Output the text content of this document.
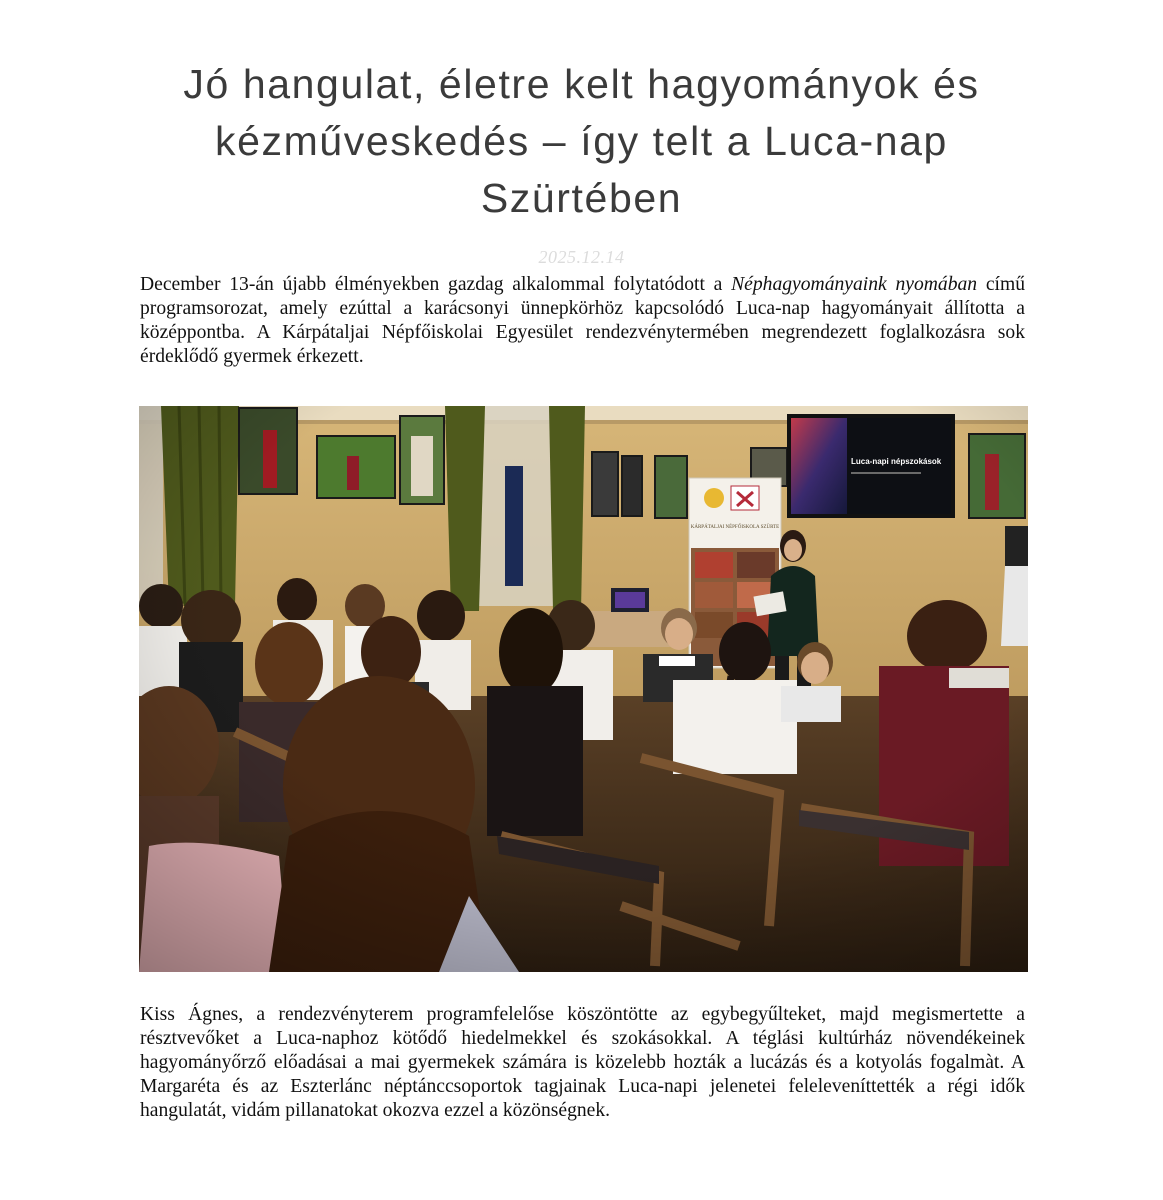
Jó hangulat, életre kelt hagyományok és kézműveskedés – így telt a Luca-nap Szürtében
2025.12.14

December 13-án újabb élményekben gazdag alkalommal folytatódott a Néphagyományaink nyomában című programsorozat, amely ezúttal a karácsonyi ünnepkörhöz kapcsolódó Luca-nap hagyományait állította a középpontba. A Kárpátaljai Népfőiskolai Egyesület rendezvénytermében megrendezett foglalkozásra sok érdeklődő gyermek érkezett.

Kiss Ágnes, a rendezvényterem programfelelőse köszöntötte az egybegyűlteket, majd megismertette a résztvevőket a Luca-naphoz kötődő hiedelmekkel és szokásokkal. A téglási kultúrház növendékeinek hagyományőrző előadásai a mai gyermekek számára is közelebb hozták a lucázás és a kotyolás fogalmàt. A Margaréta és az Eszterlánc néptánccsoportok tagjainak Luca-napi jelenetei feleleveníttették a régi idők hangulatát, vidám pillanatokat okozva ezzel a közönségnek.
